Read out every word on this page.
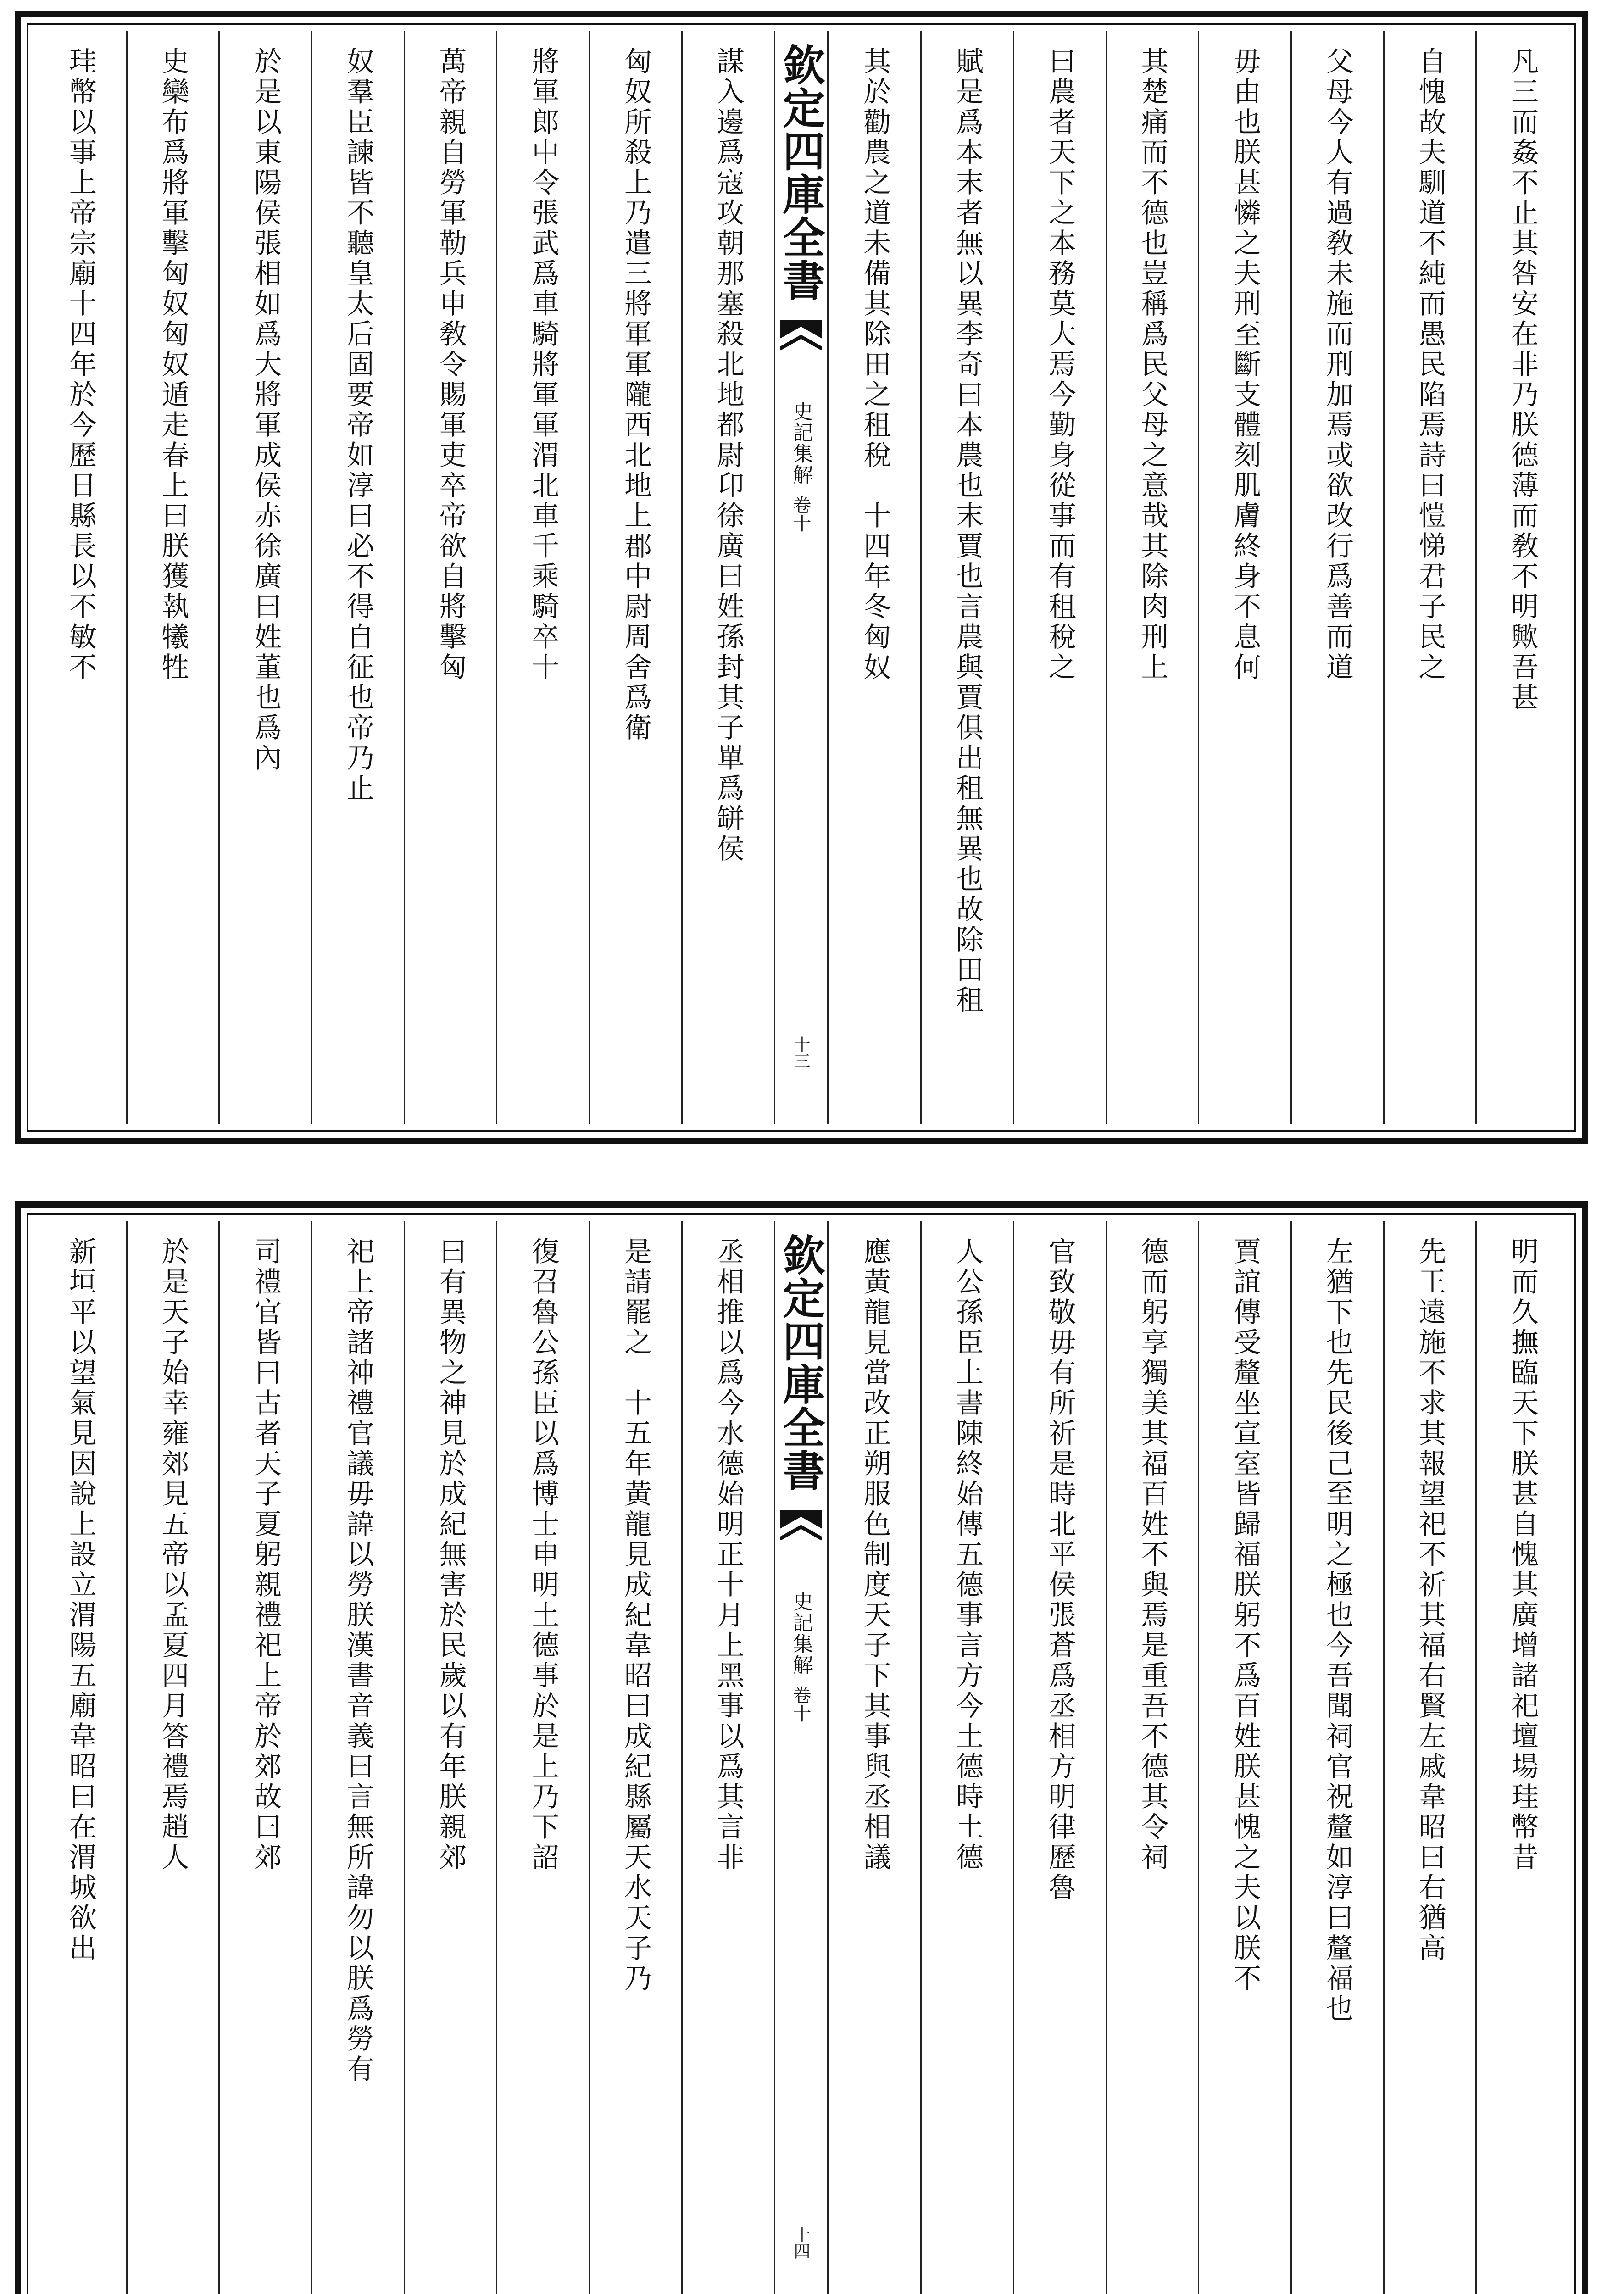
凡三而姦不止其咎安在非乃朕德薄而敎不明歟吾甚
自愧故夫馴道不純而愚民陷焉詩曰愷悌君子民之
父母今人有過敎未施而刑加焉或欲改行爲善而道
毋由也朕甚憐之夫刑至斷支體刻肌膚終身不息何
其楚痛而不德也豈稱爲民父母之意哉其除肉刑上
曰農者天下之本務莫大焉今勤身從事而有租稅之
賦是爲本末者無以異李奇曰本農也末賈也言農與賈俱出租無異也故除田租
其於勸農之道未備其除田之租稅　十四年冬匈奴
欽定四庫全書
史記集解
卷十
十三
謀入邊爲寇攻朝那塞殺北地都尉卬徐廣曰姓孫封其子單爲缾侯
匈奴所殺上乃遣三將軍軍隴西北地上郡中尉周舍爲衛
將軍郎中令張武爲車騎將軍軍渭北車千乘騎卒十
萬帝親自勞軍勒兵申敎令賜軍吏卒帝欲自將擊匈
奴羣臣諫皆不聽皇太后固要帝如淳曰必不得自征也帝乃止
於是以東陽侯張相如爲大將軍成侯赤徐廣曰姓董也爲內
史欒布爲將軍擊匈奴匈奴遁走春上曰朕獲執犧牲
珪幣以事上帝宗廟十四年於今歷日縣長以不敏不
明而久撫臨天下朕甚自愧其廣增諸祀壇場珪幣昔
先王遠施不求其報望祀不祈其福右賢左戚韋昭曰右猶高
左猶下也先民後己至明之極也今吾聞祠官祝釐如淳曰釐福也
賈誼傳受釐坐宣室皆歸福朕躬不爲百姓朕甚愧之夫以朕不
德而躬享獨美其福百姓不與焉是重吾不德其令祠
官致敬毋有所祈是時北平侯張蒼爲丞相方明律歷魯
人公孫臣上書陳終始傳五德事言方今土德時土德
應黃龍見當改正朔服色制度天子下其事與丞相議
欽定四庫全書
史記集解
卷十
十四
丞相推以爲今水德始明正十月上黑事以爲其言非
是請罷之　十五年黃龍見成紀韋昭曰成紀縣屬天水天子乃
復召魯公孫臣以爲博士申明土德事於是上乃下詔
曰有異物之神見於成紀無害於民歲以有年朕親郊
祀上帝諸神禮官議毋諱以勞朕漢書音義曰言無所諱勿以朕爲勞有
司禮官皆曰古者天子夏躬親禮祀上帝於郊故曰郊
於是天子始幸雍郊見五帝以孟夏四月答禮焉趙人
新垣平以望氣見因說上設立渭陽五廟韋昭曰在渭城欲出
